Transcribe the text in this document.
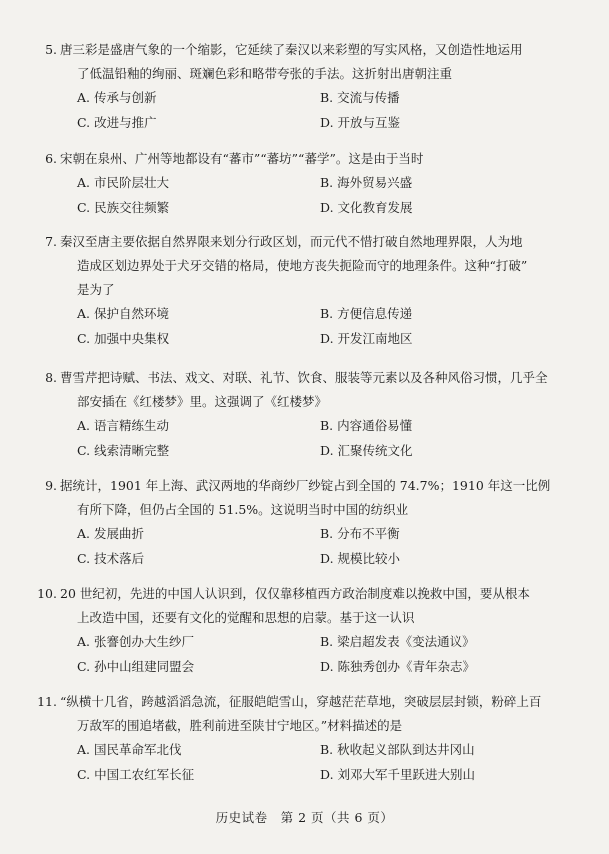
5. 唐三彩是盛唐气象的一个缩影，它延续了秦汉以来彩塑的写实风格，又创造性地运用
了低温铅釉的绚丽、斑斓色彩和略带夸张的手法。这折射出唐朝注重
A. 传承与创新	B. 交流与传播
C. 改进与推广	D. 开放与互鉴
6. 宋朝在泉州、广州等地都设有“蕃市”“蕃坊”“蕃学”。这是由于当时
A. 市民阶层壮大	B. 海外贸易兴盛
C. 民族交往频繁	D. 文化教育发展
7. 秦汉至唐主要依据自然界限来划分行政区划，而元代不惜打破自然地理界限，人为地
造成区划边界处于犬牙交错的格局，使地方丧失扼险而守的地理条件。这种“打破”
是为了
A. 保护自然环境	B. 方便信息传递
C. 加强中央集权	D. 开发江南地区
8. 曹雪芹把诗赋、书法、戏文、对联、礼节、饮食、服装等元素以及各种风俗习惯，几乎全
部安插在《红楼梦》里。这强调了《红楼梦》
A. 语言精练生动	B. 内容通俗易懂
C. 线索清晰完整	D. 汇聚传统文化
9. 据统计，1901 年上海、武汉两地的华商纱厂纱锭占到全国的 74.7%；1910 年这一比例
有所下降，但仍占全国的 51.5%。这说明当时中国的纺织业
A. 发展曲折	B. 分布不平衡
C. 技术落后	D. 规模比较小
10. 20 世纪初，先进的中国人认识到，仅仅靠移植西方政治制度难以挽救中国，要从根本
上改造中国，还要有文化的觉醒和思想的启蒙。基于这一认识
A. 张謇创办大生纱厂	B. 梁启超发表《变法通议》
C. 孙中山组建同盟会	D. 陈独秀创办《青年杂志》
11. “纵横十几省，跨越滔滔急流，征服皑皑雪山，穿越茫茫草地，突破层层封锁，粉碎上百
万敌军的围追堵截，胜利前进至陕甘宁地区。”材料描述的是
A. 国民革命军北伐	B. 秋收起义部队到达井冈山
C. 中国工农红军长征	D. 刘邓大军千里跃进大别山
历史试卷　第 2 页（共 6 页）
